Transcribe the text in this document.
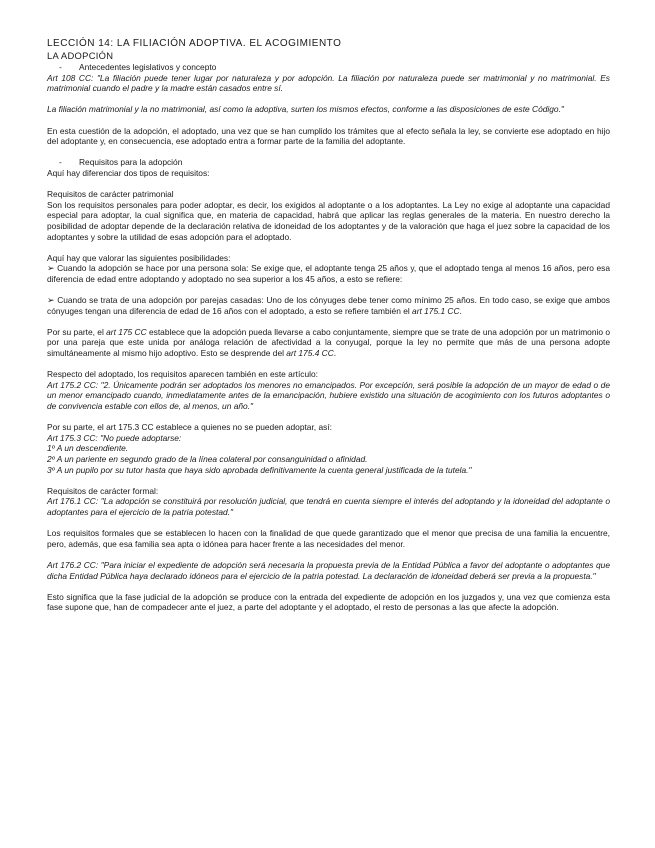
LECCIÓN 14: LA FILIACIÓN ADOPTIVA. EL ACOGIMIENTO
LA ADOPCIÓN
-	Antecedentes legislativos y concepto

Art 108 CC: "La filiación puede tener lugar por naturaleza y por adopción. La filiación por naturaleza puede ser matrimonial y no matrimonial. Es matrimonial cuando el padre y la madre están casados entre sí.

La filiación matrimonial y la no matrimonial, así como la adoptiva, surten los mismos efectos, conforme a las disposiciones de este Código."

En esta cuestión de la adopción, el adoptado, una vez que se han cumplido los trámites que al efecto señala la ley, se convierte ese adoptado en hijo del adoptante y, en consecuencia, ese adoptado entra a formar parte de la familia del adoptante.

-	Requisitos para la adopción

Aquí hay diferenciar dos tipos de requisitos:

Requisitos de carácter patrimonial

Son los requisitos personales para poder adoptar, es decir, los exigidos al adoptante o a los adoptantes. La Ley no exige al adoptante una capacidad especial para adoptar, la cual significa que, en materia de capacidad, habrá que aplicar las reglas generales de la materia. En nuestro derecho la posibilidad de adoptar depende de la declaración relativa de idoneidad de los adoptantes y de la valoración que haga el juez sobre la capacidad de los adoptantes y sobre la utilidad de esas adopción para el adoptado.

Aquí hay que valorar las siguientes posibilidades:

➢ Cuando la adopción se hace por una persona sola: Se exige que, el adoptante tenga 25 años y, que el adoptado tenga al menos 16 años, pero esa diferencia de edad entre adoptando y adoptado no sea superior a los 45 años, a esto se refiere:

➢ Cuando se trata de una adopción por parejas casadas: Uno de los cónyuges debe tener como mínimo 25 años. En todo caso, se exige que ambos cónyuges tengan una diferencia de edad de 16 años con el adoptado, a esto se refiere también el art 175.1 CC.

Por su parte, el art 175 CC establece que la adopción pueda llevarse a cabo conjuntamente, siempre que se trate de una adopción por un matrimonio o por una pareja que este unida por análoga relación de afectividad a la conyugal, porque la ley no permite que más de una persona adopte simultáneamente al mismo hijo adoptivo. Esto se desprende del art 175.4 CC.

Respecto del adoptado, los requisitos aparecen también en este artículo:

Art 175.2 CC: "2. Únicamente podrán ser adoptados los menores no emancipados. Por excepción, será posible la adopción de un mayor de edad o de un menor emancipado cuando, inmediatamente antes de la emancipación, hubiere existido una situación de acogimiento con los futuros adoptantes o de convivencia estable con ellos de, al menos, un año."

Por su parte, el art 175.3 CC establece a quienes no se pueden adoptar, así:

Art 175.3 CC: "No puede adoptarse:

1º A un descendiente.

2º A un pariente en segundo grado de la línea colateral por consanguinidad o afinidad.

3º A un pupilo por su tutor hasta que haya sido aprobada definitivamente la cuenta general justificada de la tutela."

Requisitos de carácter formal:

Art 176.1 CC: "La adopción se constituirá por resolución judicial, que tendrá en cuenta siempre el interés del adoptando y la idoneidad del adoptante o adoptantes para el ejercicio de la patria potestad."

Los requisitos formales que se establecen lo hacen con la finalidad de que quede garantizado que el menor que precisa de una familia la encuentre, pero, además, que esa familia sea apta o idónea para hacer frente a las necesidades del menor.

Art 176.2 CC: "Para iniciar el expediente de adopción será necesaria la propuesta previa de la Entidad Pública a favor del adoptante o adoptantes que dicha Entidad Pública haya declarado idóneos para el ejercicio de la patria potestad. La declaración de idoneidad deberá ser previa a la propuesta."

Esto significa que la fase judicial de la adopción se produce con la entrada del expediente de adopción en los juzgados y, una vez que comienza esta fase supone que, han de compadecer ante el juez, a parte del adoptante y el adoptado, el resto de personas a las que afecte la adopción.
